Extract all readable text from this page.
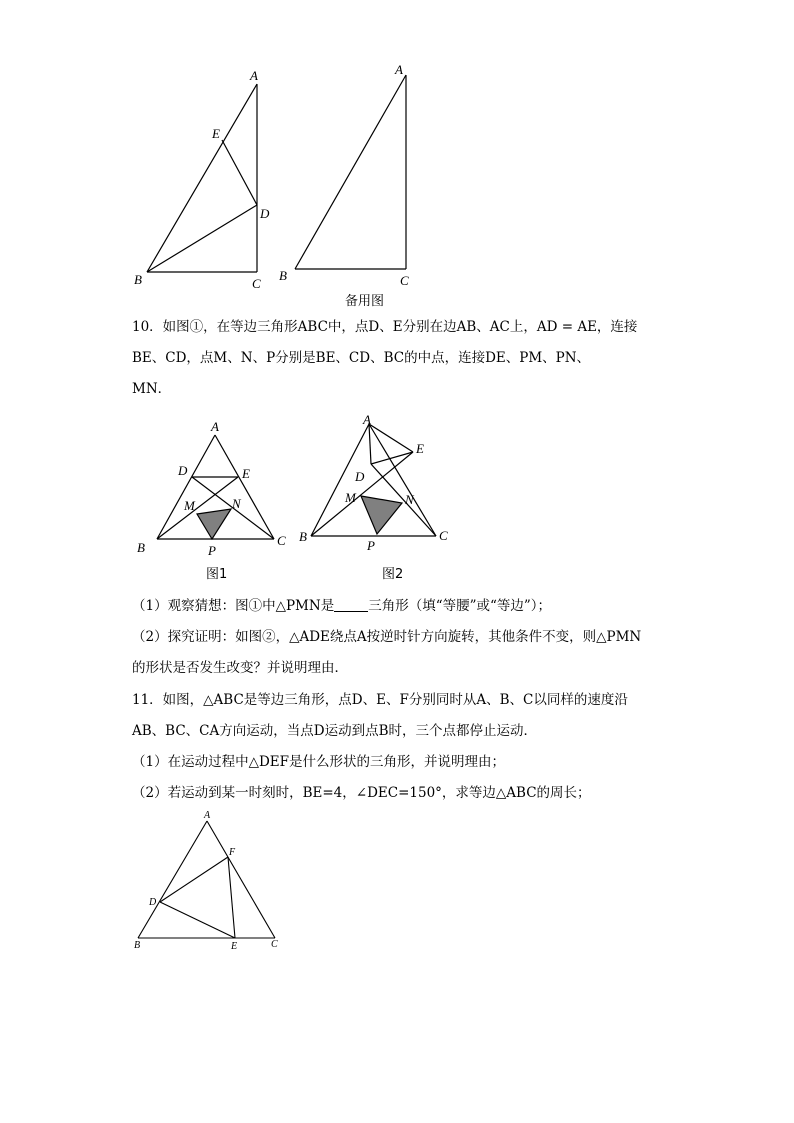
A
E
D
B	C
A
B	C
备用图
10．如图①，在等边三角形ABC中，点D、E分别在边AB、AC上，AD = AE，连接
BE、CD，点M、N、P分别是BE、CD、BC的中点，连接DE、PM、PN、
MN．
A
D	E
M	N
B	P
C
A
E
D
M	N
B
P
C
图1	图2
（1）观察猜想：图①中△PMN是	三角形（填“等腰”或“等边”）；
（2）探究证明：如图②，△ADE绕点A按逆时针方向旋转，其他条件不变，则△PMN
的形状是否发生改变？并说明理由．
11．如图，△ABC是等边三角形，点D、E、F分别同时从A、B、C以同样的速度沿
AB、BC、CA方向运动，当点D运动到点B时，三个点都停止运动．
（1）在运动过程中△DEF是什么形状的三角形，并说明理由；
（2）若运动到某一时刻时，BE=4，∠DEC=150°，求等边△ABC的周长；
A
F
D
B	E	C
